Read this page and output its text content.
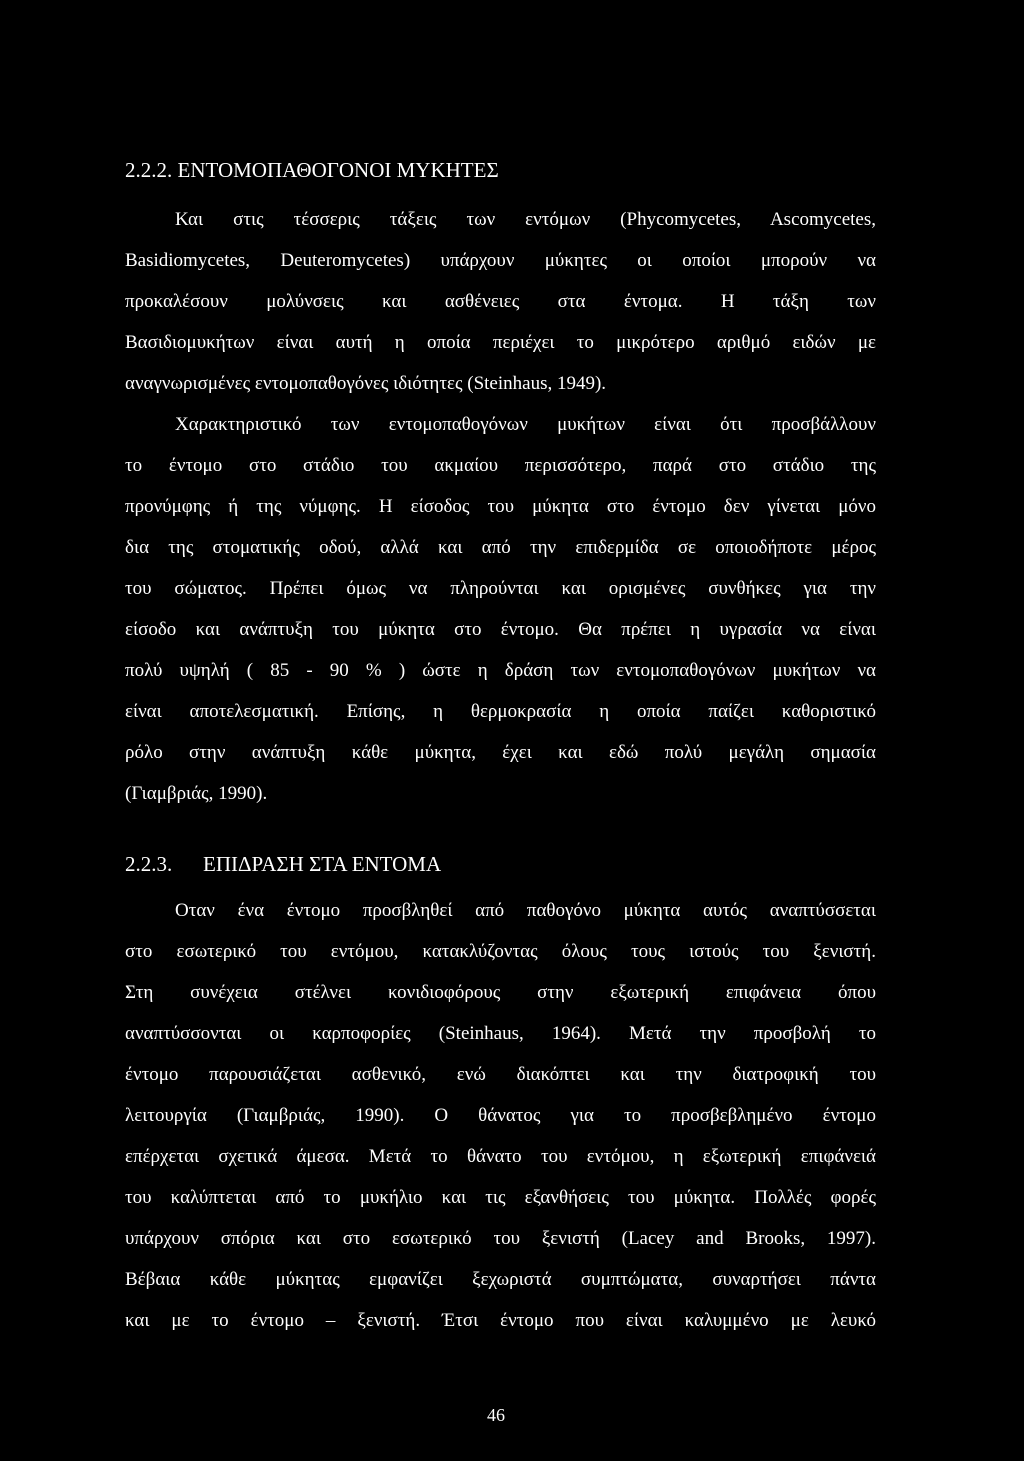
2.2.2. ΕΝΤΟΜΟΠΑΘΟΓΟΝΟΙ ΜΥΚΗΤΕΣ
Και στις τέσσερις τάξεις των εντόμων (Phycomycetes, Ascomycetes,
Basidiomycetes, Deuteromycetes) υπάρχουν μύκητες οι οποίοι μπορούν να
προκαλέσουν μολύνσεις και ασθένειες στα έντομα. Η τάξη των
Βασιδιομυκήτων είναι αυτή η οποία περιέχει το μικρότερο αριθμό ειδών με
αναγνωρισμένες εντομοπαθογόνες ιδιότητες (Steinhaus, 1949).
Χαρακτηριστικό των εντομοπαθογόνων μυκήτων είναι ότι προσβάλλουν
το έντομο στο στάδιο του ακμαίου περισσότερο, παρά στο στάδιο της
προνύμφης ή της νύμφης. Η είσοδος του μύκητα στο έντομο δεν γίνεται μόνο
δια της στοματικής οδού, αλλά και από την επιδερμίδα σε οποιοδήποτε μέρος
του σώματος. Πρέπει όμως να πληρούνται και ορισμένες συνθήκες για την
είσοδο και ανάπτυξη του μύκητα στο έντομο. Θα πρέπει η υγρασία να είναι
πολύ υψηλή ( 85 - 90 % ) ώστε η δράση των εντομοπαθογόνων μυκήτων να
είναι αποτελεσματική. Επίσης, η θερμοκρασία η οποία παίζει καθοριστικό
ρόλο στην ανάπτυξη κάθε μύκητα, έχει και εδώ πολύ μεγάλη σημασία
(Γιαμβριάς, 1990).
2.2.3. ΕΠΙΔΡΑΣΗ ΣΤΑ ΕΝΤΟΜΑ
Οταν ένα έντομο προσβληθεί από παθογόνο μύκητα αυτός αναπτύσσεται
στο εσωτερικό του εντόμου, κατακλύζοντας όλους τους ιστούς του ξενιστή.
Στη συνέχεια στέλνει κονιδιοφόρους στην εξωτερική επιφάνεια όπου
αναπτύσσονται οι καρποφορίες (Steinhaus, 1964). Μετά την προσβολή το
έντομο παρουσιάζεται ασθενικό, ενώ διακόπτει και την διατροφική του
λειτουργία (Γιαμβριάς, 1990). Ο θάνατος για το προσβεβλημένο έντομο
επέρχεται σχετικά άμεσα. Μετά το θάνατο του εντόμου, η εξωτερική επιφάνειά
του καλύπτεται από το μυκήλιο και τις εξανθήσεις του μύκητα. Πολλές φορές
υπάρχουν σπόρια και στο εσωτερικό του ξενιστή (Lacey and Brooks, 1997).
Βέβαια κάθε μύκητας εμφανίζει ξεχωριστά συμπτώματα, συναρτήσει πάντα
και με το έντομο – ξενιστή. Έτσι έντομο που είναι καλυμμένο με λευκό
46
